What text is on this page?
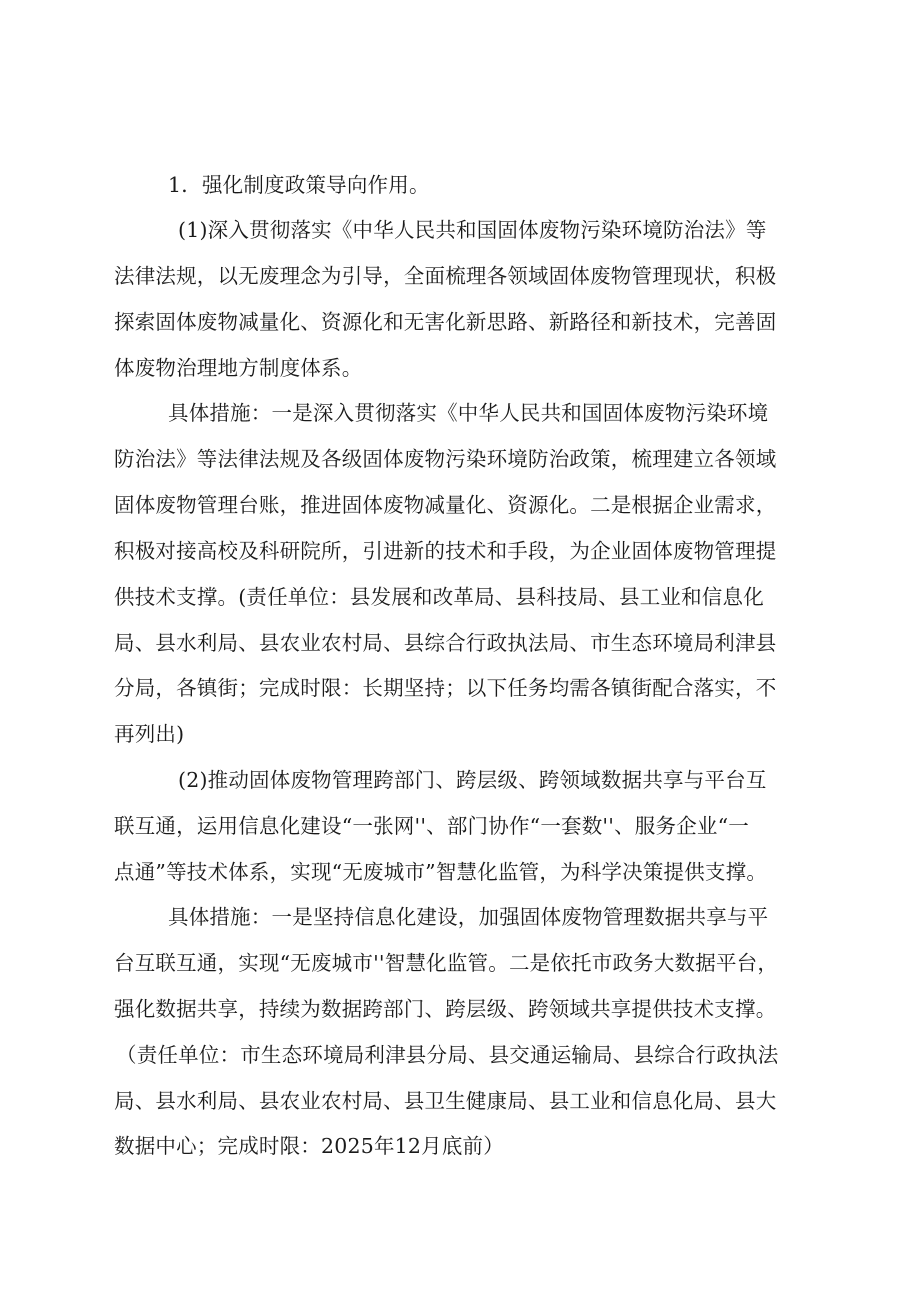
1．强化制度政策导向作用。
(1)深入贯彻落实《中华人民共和国固体废物污染环境防治法》等
法律法规，以无废理念为引导，全面梳理各领域固体废物管理现状，积极
探索固体废物减量化、资源化和无害化新思路、新路径和新技术，完善固
体废物治理地方制度体系。
具体措施：一是深入贯彻落实《中华人民共和国固体废物污染环境
防治法》等法律法规及各级固体废物污染环境防治政策，梳理建立各领域
固体废物管理台账，推进固体废物减量化、资源化。二是根据企业需求，
积极对接高校及科研院所，引进新的技术和手段，为企业固体废物管理提
供技术支撑。(责任单位：县发展和改革局、县科技局、县工业和信息化
局、县水利局、县农业农村局、县综合行政执法局、市生态环境局利津县
分局，各镇街；完成时限：长期坚持；以下任务均需各镇街配合落实，不
再列出)
(2)推动固体废物管理跨部门、跨层级、跨领域数据共享与平台互
联互通，运用信息化建设“一张网''、部门协作“一套数''、服务企业“一
点通”等技术体系，实现“无废城市”智慧化监管，为科学决策提供支撑。
具体措施：一是坚持信息化建设，加强固体废物管理数据共享与平
台互联互通，实现“无废城市''智慧化监管。二是依托市政务大数据平台，
强化数据共享，持续为数据跨部门、跨层级、跨领域共享提供技术支撑。
（责任单位：市生态环境局利津县分局、县交通运输局、县综合行政执法
局、县水利局、县农业农村局、县卫生健康局、县工业和信息化局、县大
数据中心；完成时限：2025年12月底前）
